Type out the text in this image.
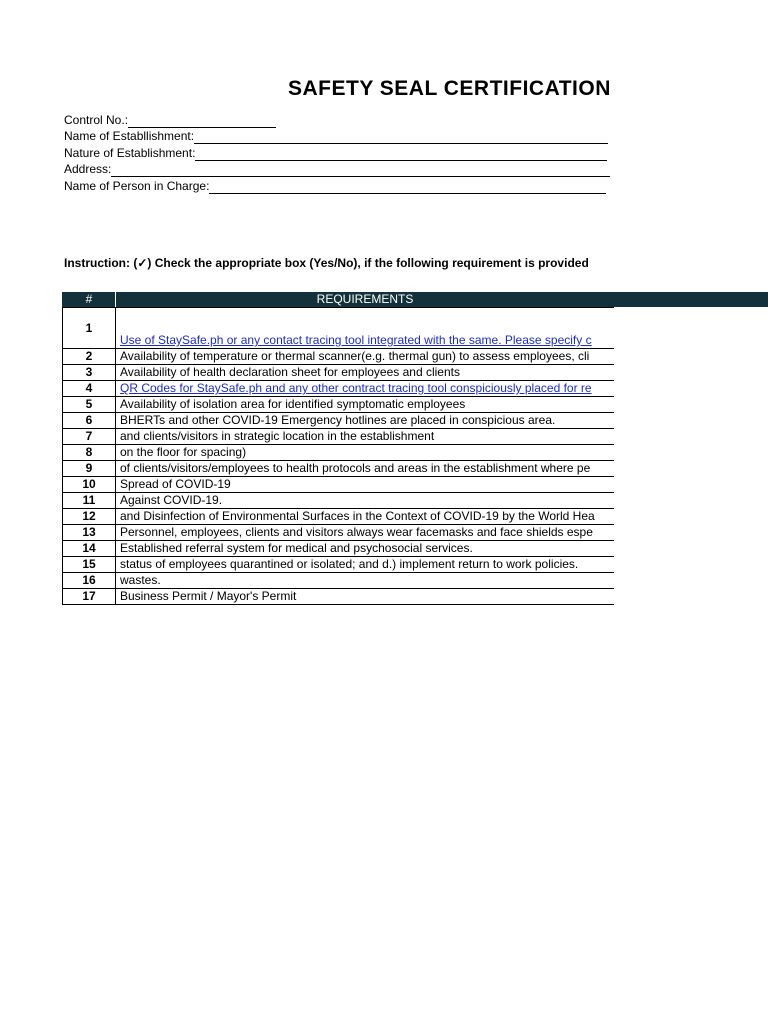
SAFETY SEAL CERTIFICATION
Control No.:
Name of Establlishment:
Nature of Establishment:
Address:
Name of Person in Charge:
Instruction: (✓) Check the appropriate box (Yes/No), if the following requirement is provided
#	REQUIREMENTS
1	Use of StaySafe.ph or any contact tracing tool integrated with the same. Please specify c
2	Availability of temperature or thermal scanner(e.g. thermal gun) to assess employees, cli
3	Availability of health declaration sheet for employees and clients
4	QR Codes for StaySafe.ph and any other contract tracing tool conspiciously placed for re
5	Availability of isolation area for identified symptomatic employees
6	BHERTs and other COVID-19 Emergency hotlines are placed in conspicious area.
7	and clients/visitors in strategic location in the establishment
8	on the floor for spacing)
9	of clients/visitors/employees to health protocols and areas in the establishment where pe
10	Spread of COVID-19
11	Against COVID-19.
12	and Disinfection of Environmental Surfaces in the Context of COVID-19 by the World Hea
13	Personnel, employees, clients and visitors always wear facemasks and face shields espe
14	Established referral system for medical and psychosocial services.
15	status of employees quarantined or isolated; and d.) implement return to work policies.
16	wastes.
17	Business Permit / Mayor's Permit
